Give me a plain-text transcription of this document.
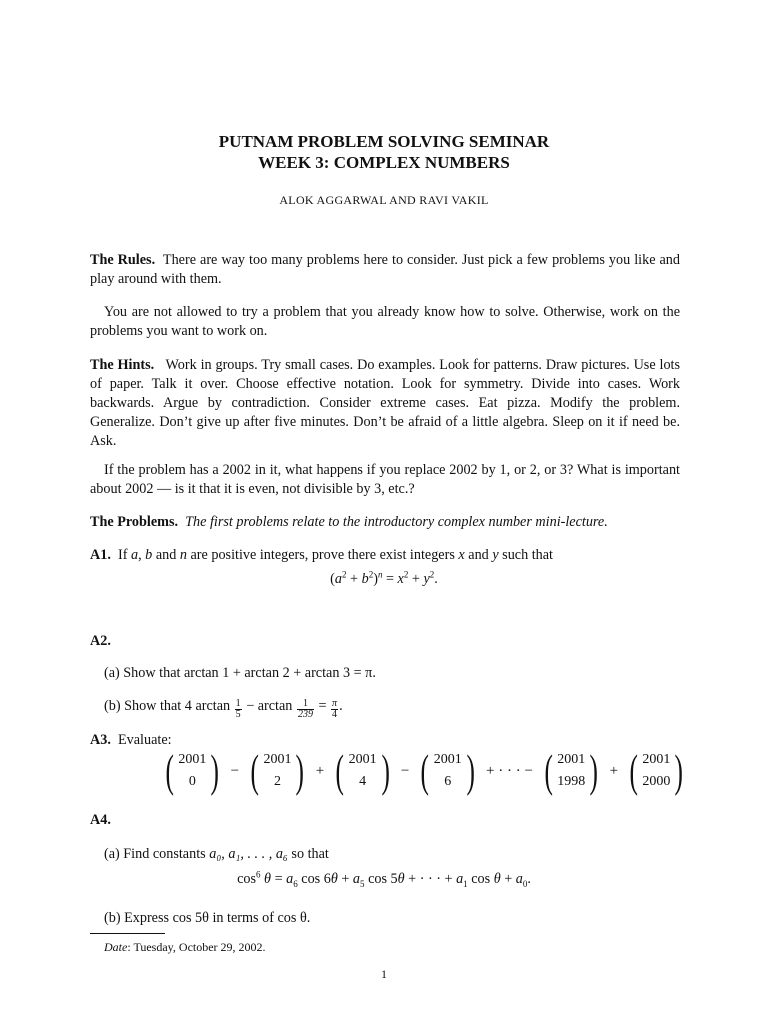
PUTNAM PROBLEM SOLVING SEMINAR
WEEK 3: COMPLEX NUMBERS
ALOK AGGARWAL AND RAVI VAKIL
The Rules. There are way too many problems here to consider. Just pick a few problems you like and play around with them.
You are not allowed to try a problem that you already know how to solve. Otherwise, work on the problems you want to work on.
The Hints. Work in groups. Try small cases. Do examples. Look for patterns. Draw pictures. Use lots of paper. Talk it over. Choose effective notation. Look for symmetry. Divide into cases. Work backwards. Argue by contradiction. Consider extreme cases. Eat pizza. Modify the problem. Generalize. Don’t give up after five minutes. Don’t be afraid of a little algebra. Sleep on it if need be. Ask.
If the problem has a 2002 in it, what happens if you replace 2002 by 1, or 2, or 3? What is important about 2002 — is it that it is even, not divisible by 3, etc.?
The Problems. The first problems relate to the introductory complex number mini-lecture.
A1. If a, b and n are positive integers, prove there exist integers x and y such that
$(a^2 + b^2)^n = x^2 + y^2$.
A2.
(a) Show that arctan 1 + arctan 2 + arctan 3 = π.
(b) Show that 4 $\arctan \frac{1}{5} - \arctan \frac{1}{239} = \frac{\pi}{4}$ .
A3. Evaluate:
( 2001
0 ) − ( 2001
2 ) + ( 2001
4 ) − ( 2001
6 ) + · · · − ( 2001
1998 ) + ( 2001
2000 )
A4.
(a) Find constants a₀, a₁, . . . , a₆ so that
$\cos^6 \theta = a_6$ $\cos 6\theta + a_5$ cos 5θ + · · · + $a_1$ $\cos \theta + a_0$.
(b) Express cos 5θ in terms of cos θ.
Date: Tuesday, October 29, 2002.
1
